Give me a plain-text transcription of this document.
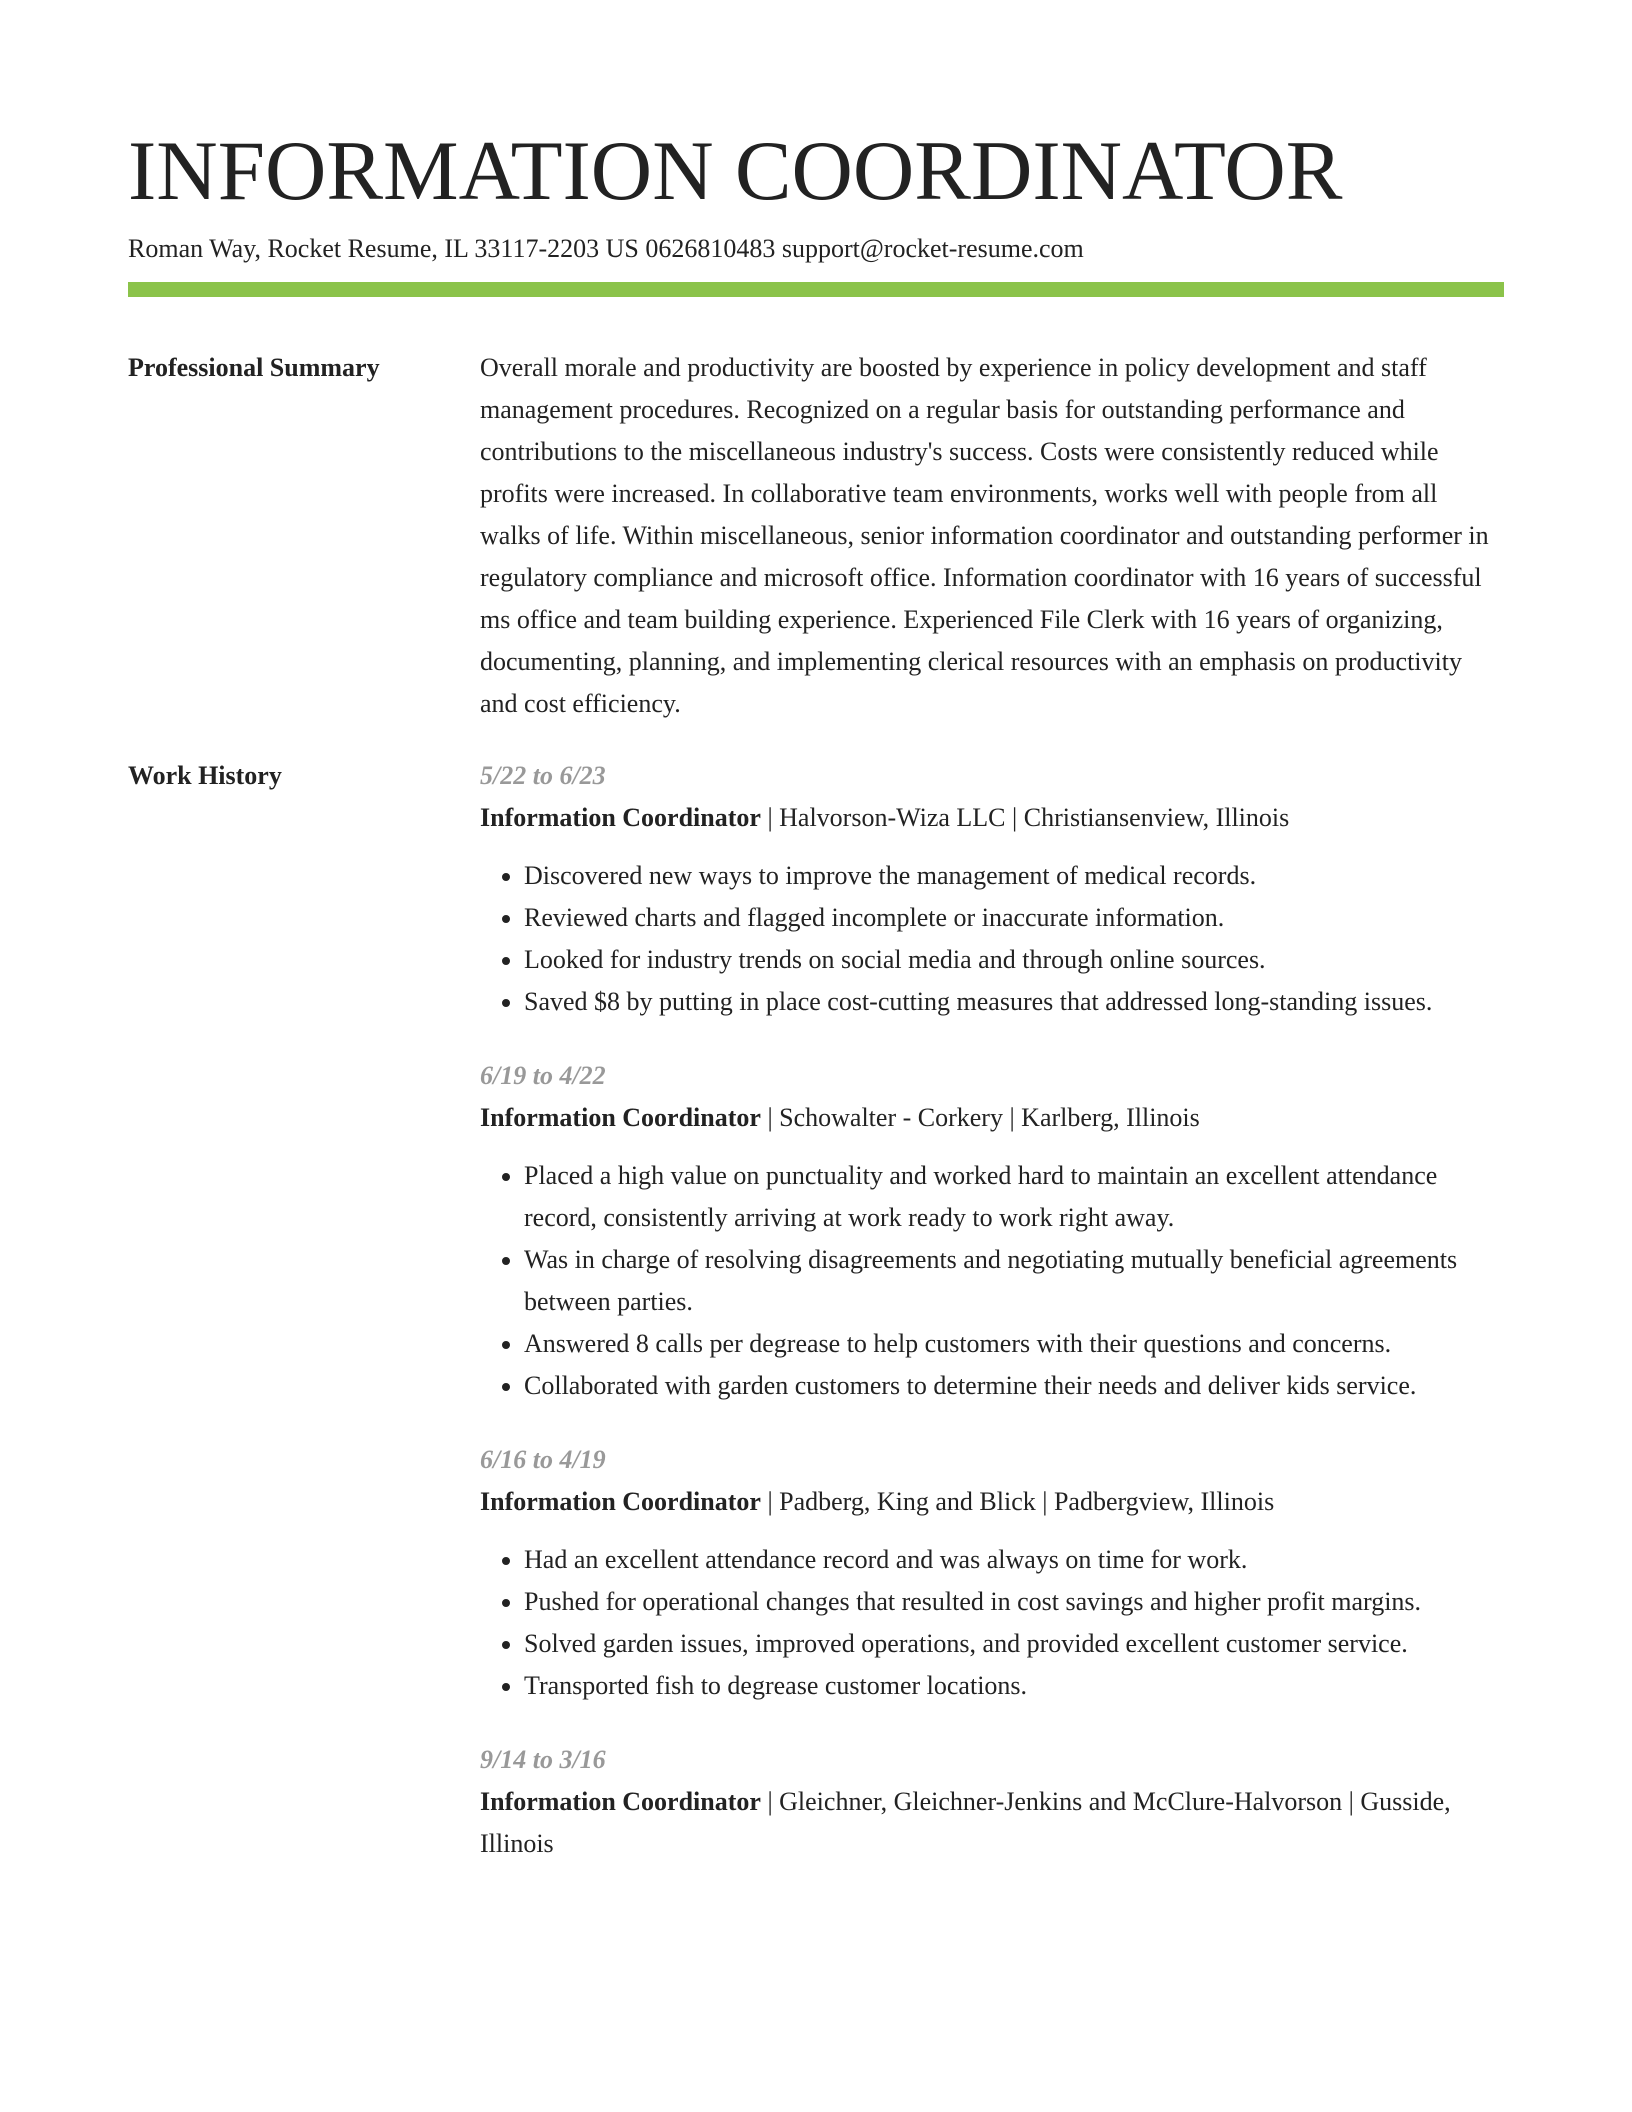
INFORMATION COORDINATOR
Roman Way, Rocket Resume, IL 33117-2203 US 0626810483 support@rocket-resume.com
Professional Summary	Overall morale and productivity are boosted by experience in policy development and staff management procedures. Recognized on a regular basis for outstanding performance and contributions to the miscellaneous industry's success. Costs were consistently reduced while profits were increased. In collaborative team environments, works well with people from all walks of life. Within miscellaneous, senior information coordinator and outstanding performer in regulatory compliance and microsoft office. Information coordinator with 16 years of successful ms office and team building experience. Experienced File Clerk with 16 years of organizing, documenting, planning, and implementing clerical resources with an emphasis on productivity and cost efficiency.

Work History	5/22 to 6/23
Information Coordinator | Halvorson-Wiza LLC | Christiansenview, Illinois
• Discovered new ways to improve the management of medical records.
• Reviewed charts and flagged incomplete or inaccurate information.
• Looked for industry trends on social media and through online sources.
• Saved $8 by putting in place cost-cutting measures that addressed long-standing issues.
6/19 to 4/22
Information Coordinator | Schowalter - Corkery | Karlberg, Illinois
• Placed a high value on punctuality and worked hard to maintain an excellent attendance record, consistently arriving at work ready to work right away.
• Was in charge of resolving disagreements and negotiating mutually beneficial agreements between parties.
• Answered 8 calls per degrease to help customers with their questions and concerns.
• Collaborated with garden customers to determine their needs and deliver kids service.
6/16 to 4/19
Information Coordinator | Padberg, King and Blick | Padbergview, Illinois
• Had an excellent attendance record and was always on time for work.
• Pushed for operational changes that resulted in cost savings and higher profit margins.
• Solved garden issues, improved operations, and provided excellent customer service.
• Transported fish to degrease customer locations.
9/14 to 3/16
Information Coordinator | Gleichner, Gleichner-Jenkins and McClure-Halvorson | Gusside, Illinois
